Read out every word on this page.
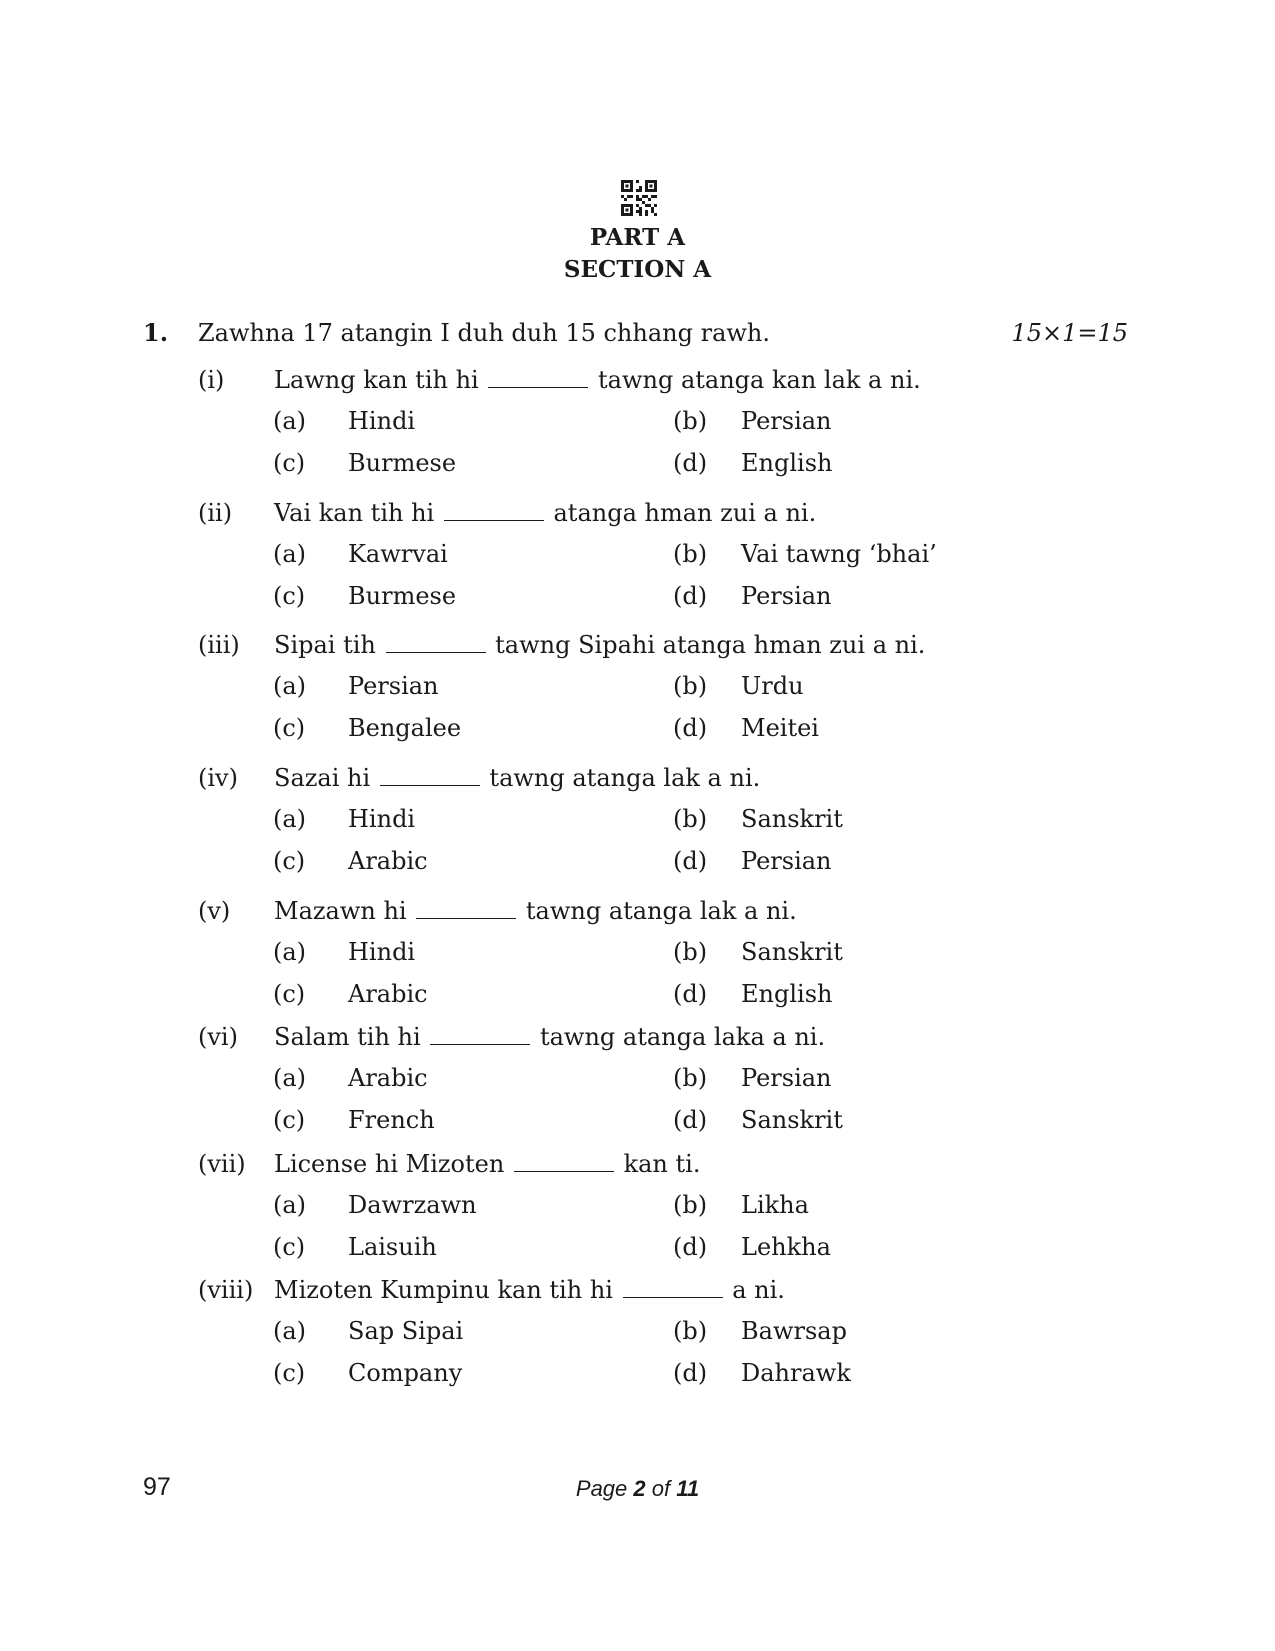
PART A
SECTION A
1. Zawhna 17 atangin I duh duh 15 chhang rawh.	15×1=15
(i) Lawng kan tih hi	tawng atanga kan lak a ni.
(a) Hindi	(b) Persian
(c) Burmese	(d) English
(ii) Vai kan tih hi	atanga hman zui a ni.
(a) Kawrvai	(b) Vai tawng ‘bhai’
(c) Burmese	(d) Persian
(iii) Sipai tih	tawng Sipahi atanga hman zui a ni.
(a) Persian	(b) Urdu
(c) Bengalee	(d) Meitei
(iv) Sazai hi	tawng atanga lak a ni.
(a) Hindi	(b) Sanskrit
(c) Arabic	(d) Persian
(v) Mazawn hi	tawng atanga lak a ni.
(a) Hindi	(b) Sanskrit
(c) Arabic	(d) English
(vi) Salam tih hi	tawng atanga laka a ni.
(a) Arabic	(b) Persian
(c) French	(d) Sanskrit
(vii) License hi Mizoten	kan ti.
(a) Dawrzawn	(b) Likha
(c) Laisuih	(d) Lehkha
(viii) Mizoten Kumpinu kan tih hi	a ni.
(a) Sap Sipai	(b) Bawrsap
(c) Company	(d) Dahrawk
97	Page 2 of 11
